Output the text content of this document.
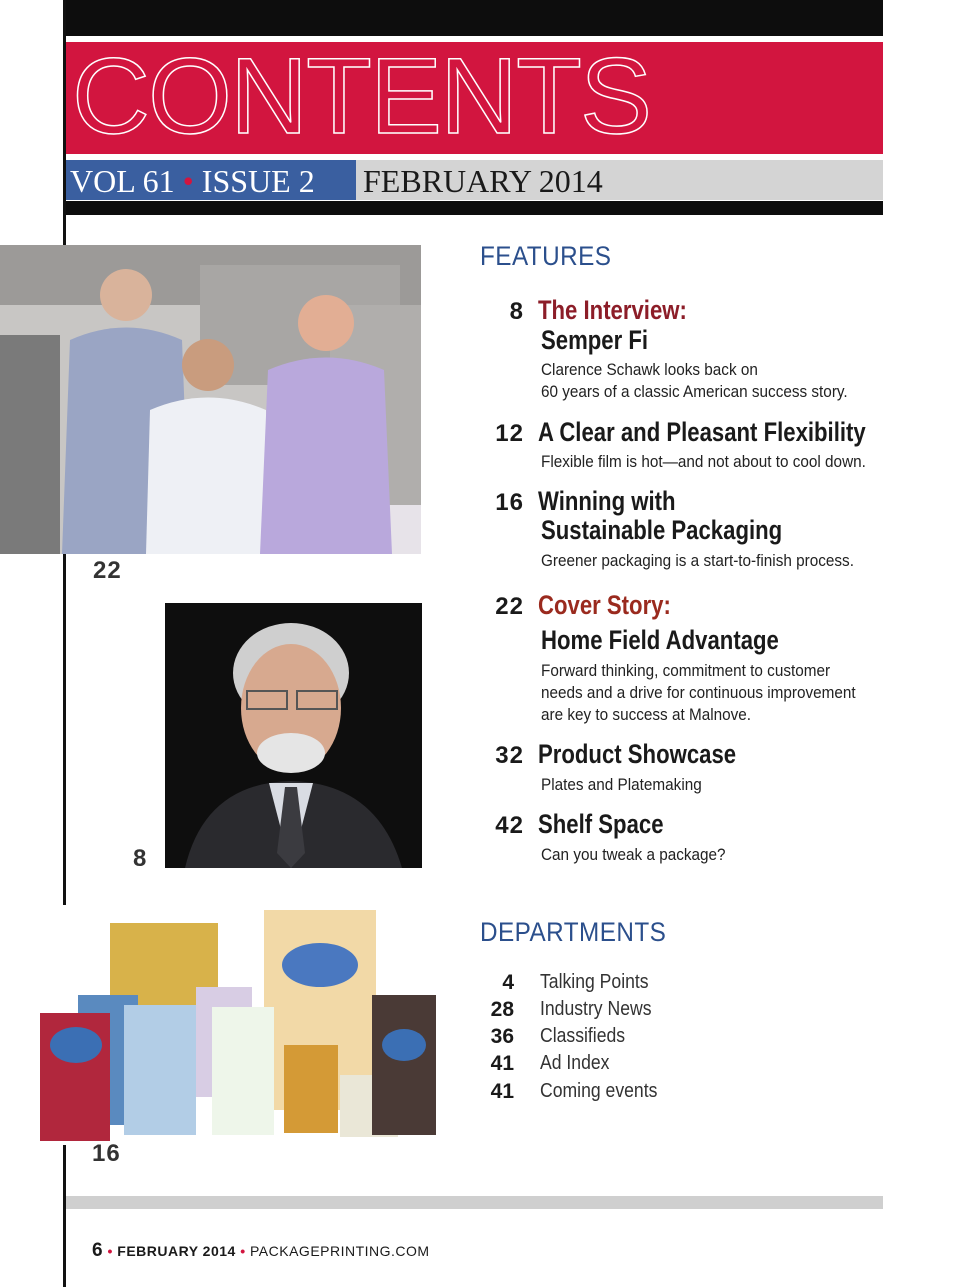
CONTENTS
VOL 61 • ISSUE 2	FEBRUARY 2014
22
8
16
FEATURES
8 The Interview:
Semper Fi
Clarence Schawk looks back on
60 years of a classic American success story.
12 A Clear and Pleasant Flexibility
Flexible film is hot—and not about to cool down.
16 Winning with
Sustainable Packaging
Greener packaging is a start-to-finish process.
22 Cover Story:
Home Field Advantage
Forward thinking, commitment to customer
needs and a drive for continuous improvement
are key to success at Malnove.
32 Product Showcase
Plates and Platemaking
42 Shelf Space
Can you tweak a package?
DEPARTMENTS
4 Talking Points
28 Industry News
36 Classifieds
41 Ad Index
41 Coming events
6 • FEBRUARY 2014 • PACKAGEPRINTING.COM
